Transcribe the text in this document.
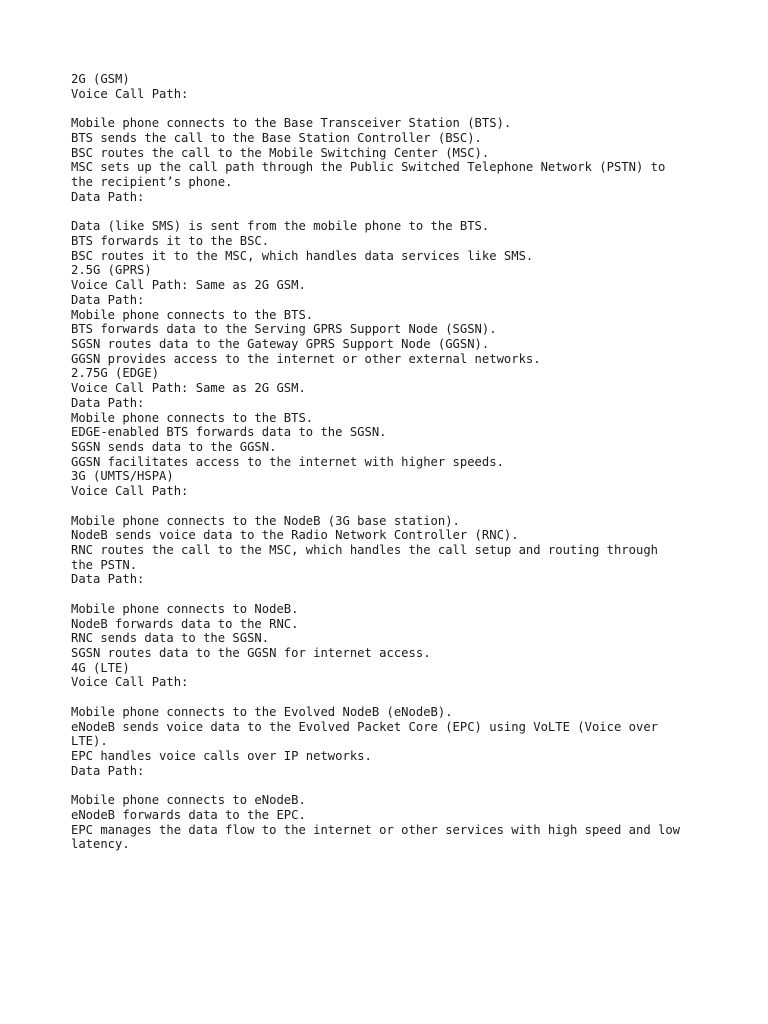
2G (GSM)
Voice Call Path:
Mobile phone connects to the Base Transceiver Station (BTS).
BTS sends the call to the Base Station Controller (BSC).
BSC routes the call to the Mobile Switching Center (MSC).
MSC sets up the call path through the Public Switched Telephone Network (PSTN) to
the recipient’s phone.
Data Path:
Data (like SMS) is sent from the mobile phone to the BTS.
BTS forwards it to the BSC.
BSC routes it to the MSC, which handles data services like SMS.
2.5G (GPRS)
Voice Call Path: Same as 2G GSM.
Data Path:
Mobile phone connects to the BTS.
BTS forwards data to the Serving GPRS Support Node (SGSN).
SGSN routes data to the Gateway GPRS Support Node (GGSN).
GGSN provides access to the internet or other external networks.
2.75G (EDGE)
Voice Call Path: Same as 2G GSM.
Data Path:
Mobile phone connects to the BTS.
EDGE-enabled BTS forwards data to the SGSN.
SGSN sends data to the GGSN.
GGSN facilitates access to the internet with higher speeds.
3G (UMTS/HSPA)
Voice Call Path:
Mobile phone connects to the NodeB (3G base station).
NodeB sends voice data to the Radio Network Controller (RNC).
RNC routes the call to the MSC, which handles the call setup and routing through
the PSTN.
Data Path:
Mobile phone connects to NodeB.
NodeB forwards data to the RNC.
RNC sends data to the SGSN.
SGSN routes data to the GGSN for internet access.
4G (LTE)
Voice Call Path:
Mobile phone connects to the Evolved NodeB (eNodeB).
eNodeB sends voice data to the Evolved Packet Core (EPC) using VoLTE (Voice over
LTE).
EPC handles voice calls over IP networks.
Data Path:
Mobile phone connects to eNodeB.
eNodeB forwards data to the EPC.
EPC manages the data flow to the internet or other services with high speed and low
latency.
